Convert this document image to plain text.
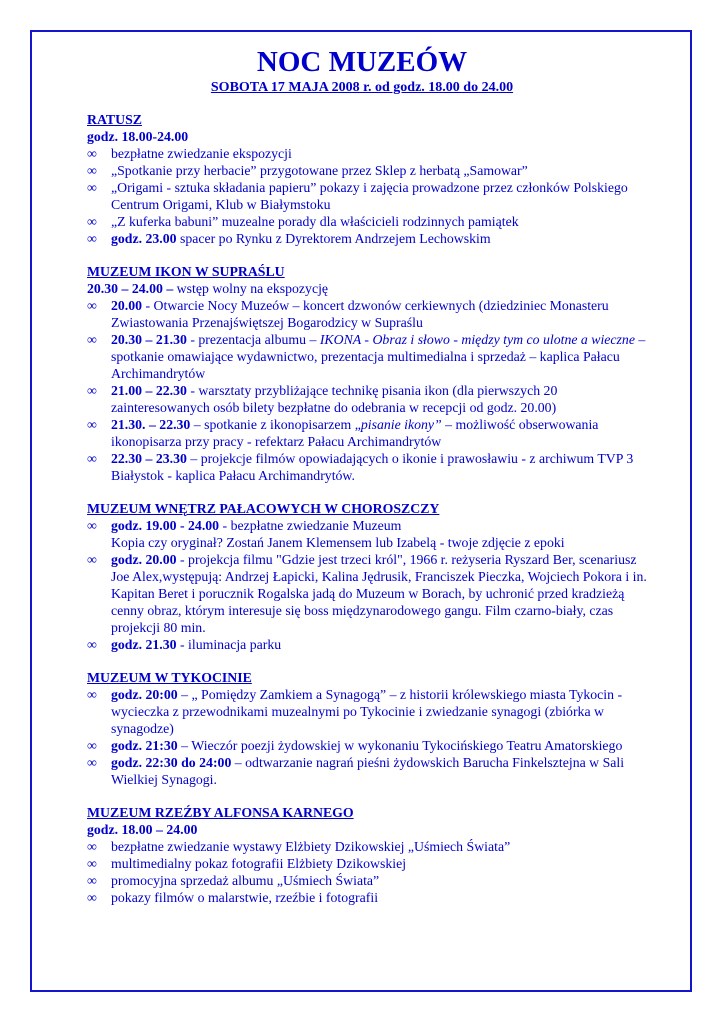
NOC MUZEÓW
SOBOTA 17 MAJA 2008 r. od godz. 18.00 do 24.00
RATUSZ
godz. 18.00-24.00
∞	bezpłatne zwiedzanie ekspozycji
∞	„Spotkanie przy herbacie” przygotowane przez Sklep z herbatą „Samowar”
∞	„Origami - sztuka składania papieru” pokazy i zajęcia prowadzone przez członków Polskiego Centrum Origami, Klub w Białymstoku
∞	„Z kuferka babuni” muzealne porady dla właścicieli rodzinnych pamiątek
∞	godz. 23.00 spacer po Rynku z Dyrektorem Andrzejem Lechowskim
MUZEUM IKON W SUPRAŚLU
20.30 – 24.00 – wstęp wolny na ekspozycję
∞	20.00 - Otwarcie Nocy Muzeów – koncert dzwonów cerkiewnych (dziedziniec Monasteru Zwiastowania Przenajświętszej Bogarodzicy w Supraślu
∞	20.30 – 21.30 - prezentacja albumu – IKONA - Obraz i słowo - między tym co ulotne a wieczne – spotkanie omawiające wydawnictwo, prezentacja multimedialna i sprzedaż – kaplica Pałacu Archimandrytów
∞	21.00 – 22.30 - warsztaty przybliżające technikę pisania ikon (dla pierwszych 20 zainteresowanych osób bilety bezpłatne do odebrania w recepcji od godz. 20.00)
∞	21.30. – 22.30 – spotkanie z ikonopisarzem „pisanie ikony” – możliwość obserwowania ikonopisarza przy pracy - refektarz Pałacu Archimandrytów
∞	22.30 – 23.30 – projekcje filmów opowiadających o ikonie i prawosławiu - z archiwum TVP 3 Białystok - kaplica Pałacu Archimandrytów.
MUZEUM WNĘTRZ PAŁACOWYCH W CHOROSZCZY
∞	godz. 19.00 - 24.00 - bezpłatne zwiedzanie Muzeum
Kopia czy oryginał? Zostań Janem Klemensem lub Izabelą - twoje zdjęcie z epoki
∞	godz. 20.00 - projekcja filmu "Gdzie jest trzeci król", 1966 r. reżyseria Ryszard Ber, scenariusz Joe Alex,występują: Andrzej Łapicki, Kalina Jędrusik, Franciszek Pieczka, Wojciech Pokora i in.
Kapitan Beret i porucznik Rogalska jadą do Muzeum w Borach, by uchronić przed kradzieżą cenny obraz, którym interesuje się boss międzynarodowego gangu. Film czarno-biały, czas projekcji 80 min.
∞	godz. 21.30 - iluminacja parku
MUZEUM W TYKOCINIE
∞	godz. 20:00 – „ Pomiędzy Zamkiem a Synagogą” – z historii królewskiego miasta Tykocin - wycieczka z przewodnikami muzealnymi po Tykocinie i zwiedzanie synagogi (zbiórka w synagodze)
∞	godz. 21:30 – Wieczór poezji żydowskiej w wykonaniu Tykocińskiego Teatru Amatorskiego
∞	godz. 22:30 do 24:00 – odtwarzanie nagrań pieśni żydowskich Barucha Finkelsztejna w Sali Wielkiej Synagogi.
MUZEUM RZEŹBY ALFONSA KARNEGO
godz. 18.00 – 24.00
∞	bezpłatne zwiedzanie wystawy Elżbiety Dzikowskiej „Uśmiech Świata”
∞	multimedialny pokaz fotografii Elżbiety Dzikowskiej
∞	promocyjna sprzedaż albumu „Uśmiech Świata”
∞	pokazy filmów o malarstwie, rzeźbie i fotografii
